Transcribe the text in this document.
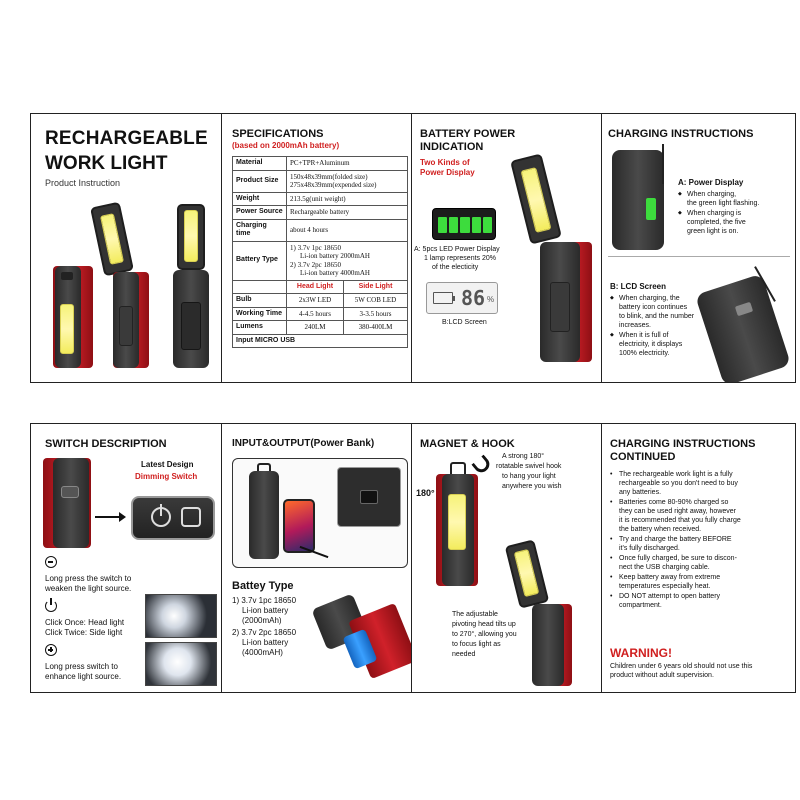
RECHARGEABLE
WORK LIGHT
Product Instruction
SPECIFICATIONS
(based on 2000mAh battery)
Material	PC+TPR+Aluminum	
Product Size	150x48x39mm(folded size)
275x48x39mm(expended size)	

Weight	213.5g(unit weight)	
Power Source	Rechargeable battery	
Charging time	about 4 hours	
Battery Type	1) 3.7v 1pc 18650
Li-ion battery 2000mAH
2) 3.7v 2pc 18650
Li-ion battery 4000mAH	

	Head Light	Side Light
Bulb	2x3W LED	5W COB LED
Working Time	4-4.5 hours	3-3.5 hours
Lumens	240LM	380-400LM
Input MICRO USB		
BATTERY POWER
INDICATION
Two Kinds of
Power Display
A: 5pcs LED Power Display
1 lamp represents 20%
of the electicity
86 %
B:LCD Screen
CHARGING INSTRUCTIONS
A: Power Display
◆ When charging,
the green light flashing.
◆ When charging is
completed, the five
green light is on.
B: LCD Screen
◆ When charging, the
battery icon continues
to blink, and the number
increases.
◆ When it is full of
electricity, it displays
100% electricity.
SWITCH DESCRIPTION
Latest Design
Dimming Switch
Long press the switch to
weaken the light source.
Click Once: Head light
Click Twice: Side light
Long press switch to
enhance light source.
INPUT&OUTPUT(Power Bank)
Battey Type
1) 3.7v 1pc 18650
Li-ion battery
(2000mAh)
2) 3.7v 2pc 18650
Li-ion battery
(4000mAH)
MAGNET & HOOK
180°
A strong 180°
rotatable swivel hook
to hang your light
anywhere you wish
The adjustable
pivoting head tilts up
to 270°, allowing you
to focus light as
needed
CHARGING INSTRUCTIONS
CONTINUED
• The rechargeable work light is a fully
rechargeable so you don't need to buy
any batteries.
• Batteries come 80-90% charged so
they can be used right away, however
it is recommended that you fully charge
the battery when received.
• Try and charge the battery BEFORE
it's fully discharged.
• Once fully charged, be sure to discon-
nect the USB charging cable.
• Keep battery away from extreme
temperatures especially heat.
• DO NOT attempt to open battery
compartment.
WARNING!
Children under 6 years old should not use this
product without adult supervision.
